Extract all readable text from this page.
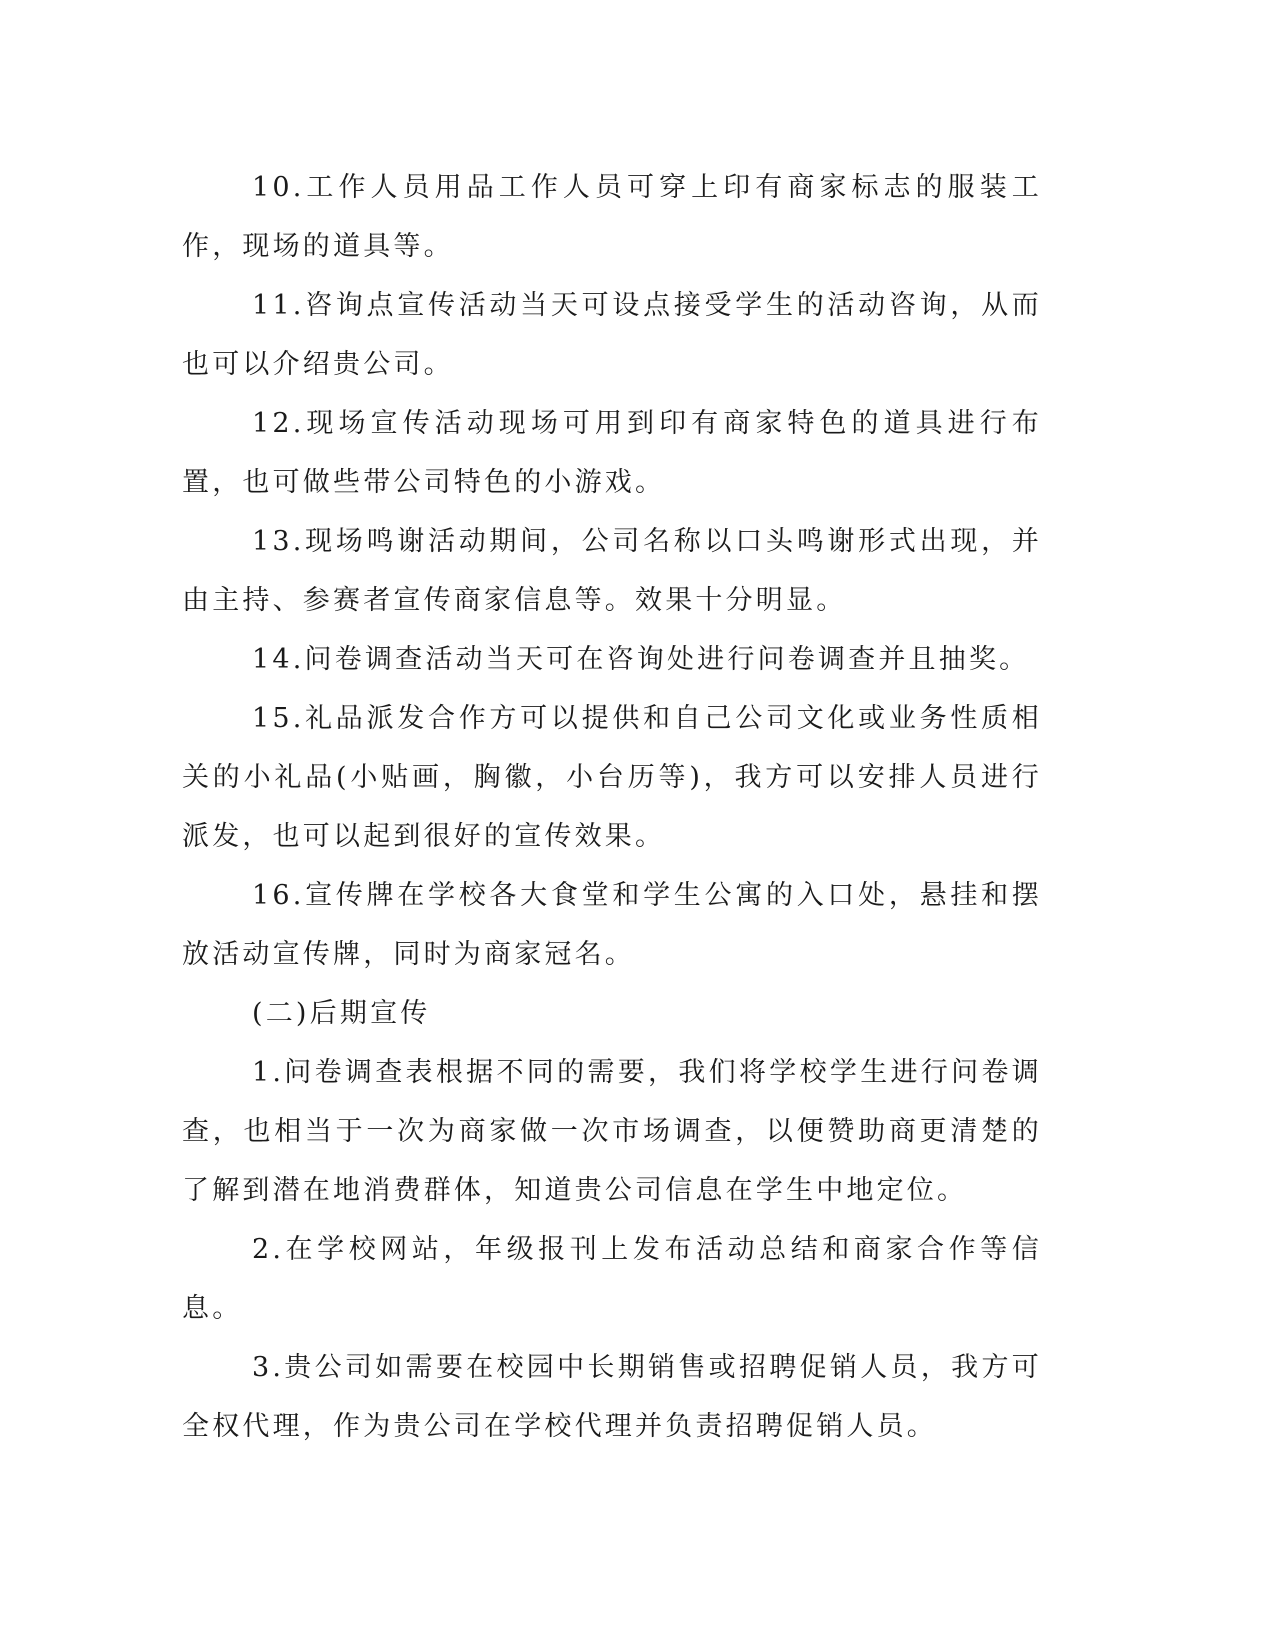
10.工作人员用品工作人员可穿上印有商家标志的服装工作，现场的道具等。

11.咨询点宣传活动当天可设点接受学生的活动咨询，从而也可以介绍贵公司。

12.现场宣传活动现场可用到印有商家特色的道具进行布置，也可做些带公司特色的小游戏。

13.现场鸣谢活动期间，公司名称以口头鸣谢形式出现，并由主持、参赛者宣传商家信息等。效果十分明显。

14.问卷调查活动当天可在咨询处进行问卷调查并且抽奖。

15.礼品派发合作方可以提供和自己公司文化或业务性质相关的小礼品(小贴画，胸徽，小台历等)，我方可以安排人员进行派发，也可以起到很好的宣传效果。

16.宣传牌在学校各大食堂和学生公寓的入口处，悬挂和摆放活动宣传牌，同时为商家冠名。

(二)后期宣传

1.问卷调查表根据不同的需要，我们将学校学生进行问卷调查，也相当于一次为商家做一次市场调查，以便赞助商更清楚的了解到潜在地消费群体，知道贵公司信息在学生中地定位。

2.在学校网站，年级报刊上发布活动总结和商家合作等信息。

3.贵公司如需要在校园中长期销售或招聘促销人员，我方可全权代理，作为贵公司在学校代理并负责招聘促销人员。
